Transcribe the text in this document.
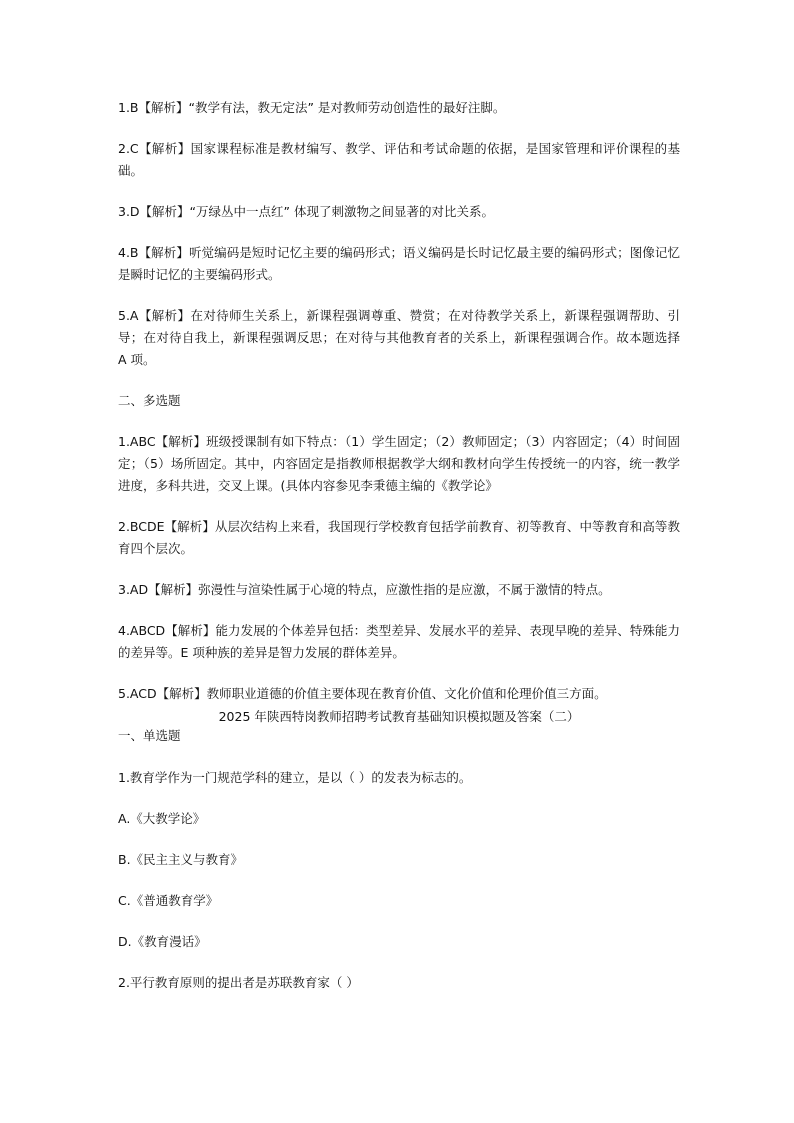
1.B【解析】“教学有法，教无定法” 是对教师劳动创造性的最好注脚。

2.C【解析】国家课程标准是教材编写、教学、评估和考试命题的依据，是国家管理和评价课程的基础。

3.D【解析】“万绿丛中一点红” 体现了刺激物之间显著的对比关系。

4.B【解析】听觉编码是短时记忆主要的编码形式；语义编码是长时记忆最主要的编码形式；图像记忆是瞬时记忆的主要编码形式。

5.A【解析】在对待师生关系上，新课程强调尊重、赞赏；在对待教学关系上，新课程强调帮助、引导；在对待自我上，新课程强调反思；在对待与其他教育者的关系上，新课程强调合作。故本题选择 A 项。

二、多选题

1.ABC【解析】班级授课制有如下特点：（1）学生固定；（2）教师固定；（3）内容固定；（4）时间固定；（5）场所固定。其中，内容固定是指教师根据教学大纲和教材向学生传授统一的内容，统一教学进度，多科共进，交叉上课。(具体内容参见李秉德主编的《教学论》

2.BCDE【解析】从层次结构上来看，我国现行学校教育包括学前教育、初等教育、中等教育和高等教育四个层次。

3.AD【解析】弥漫性与渲染性属于心境的特点，应激性指的是应激，不属于激情的特点。

4.ABCD【解析】能力发展的个体差异包括：类型差异、发展水平的差异、表现早晚的差异、特殊能力的差异等。E 项种族的差异是智力发展的群体差异。

5.ACD【解析】教师职业道德的价值主要体现在教育价值、文化价值和伦理价值三方面。

2025 年陕西特岗教师招聘考试教育基础知识模拟题及答案（二）

一、单选题

1.教育学作为一门规范学科的建立，是以（ ）的发表为标志的。

A.《大教学论》

B.《民主主义与教育》

C.《普通教育学》

D.《教育漫话》

2.平行教育原则的提出者是苏联教育家（ ）
